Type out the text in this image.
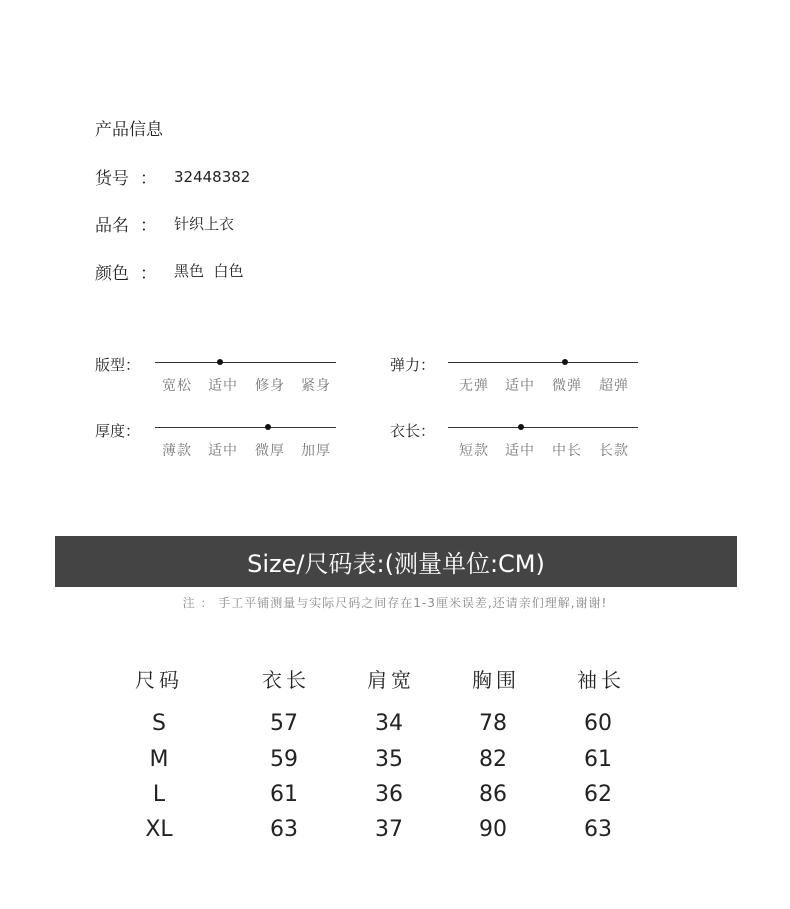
产品信息
货号 ： 32448382
品名 ： 针织上衣
颜色 ： 黑色  白色
版型：
宽松 适中 修身 紧身
弹力：
无弹 适中 微弹 超弹
厚度：
薄款 适中 微厚 加厚
衣长：
短款 适中 中长 长款
Size/尺码表:(测量单位:CM)
注 ： 手工平铺测量与实际尺码之间存在1-3厘米误差,还请亲们理解,谢谢!
尺码	衣长	肩宽	胸围	袖长
S	57	34	78	60
M	59	35	82	61
L	61	36	86	62
XL	63	37	90	63
